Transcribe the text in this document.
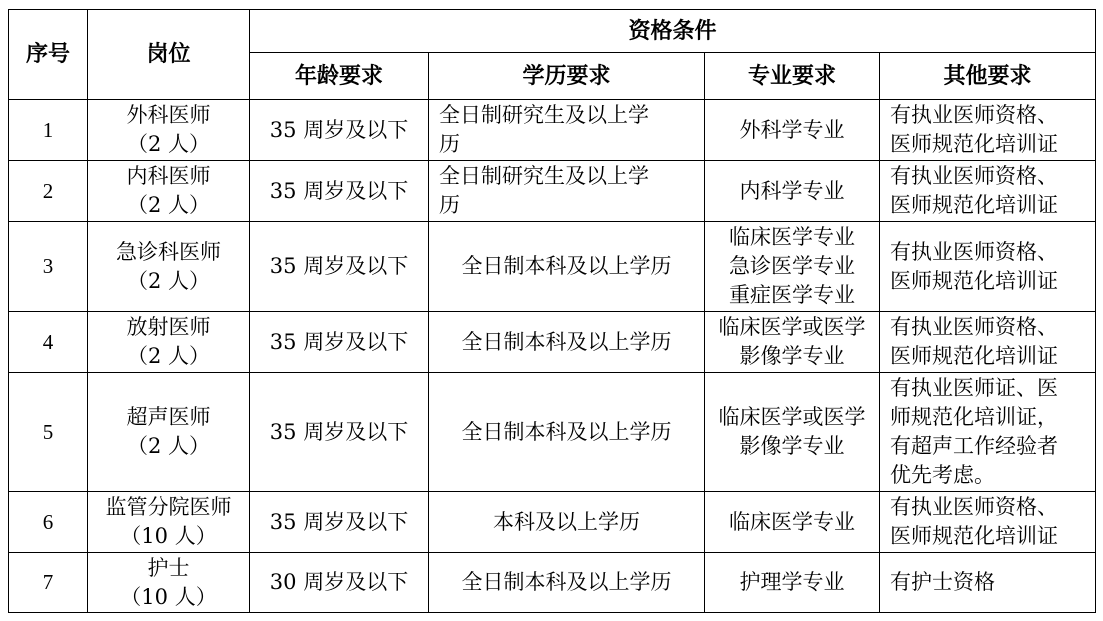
序号	岗位	资格条件			
		年龄要求	学历要求	专业要求	其他要求
1	外科医师
（2 人）	35 周岁及以下	全日制研究生及以上学
历	外科学专业	有执业医师资格、
医师规范化培训证

2	内科医师
（2 人）	35 周岁及以下	全日制研究生及以上学
历	内科学专业	有执业医师资格、
医师规范化培训证

3	急诊科医师
（2 人）	35 周岁及以下	全日制本科及以上学历	临床医学专业
急诊医学专业
重症医学专业	有执业医师资格、
医师规范化培训证

4	放射医师
（2 人）	35 周岁及以下	全日制本科及以上学历	临床医学或医学
影像学专业	有执业医师资格、
医师规范化培训证

5	超声医师
（2 人）	35 周岁及以下	全日制本科及以上学历	临床医学或医学
影像学专业	有执业医师证、医
师规范化培训证，
有超声工作经验者
优先考虑。

6	监管分院医师
（10 人）	35 周岁及以下	本科及以上学历	临床医学专业	有执业医师资格、
医师规范化培训证

7	护士
（10 人）	30 周岁及以下	全日制本科及以上学历	护理学专业	有护士资格
